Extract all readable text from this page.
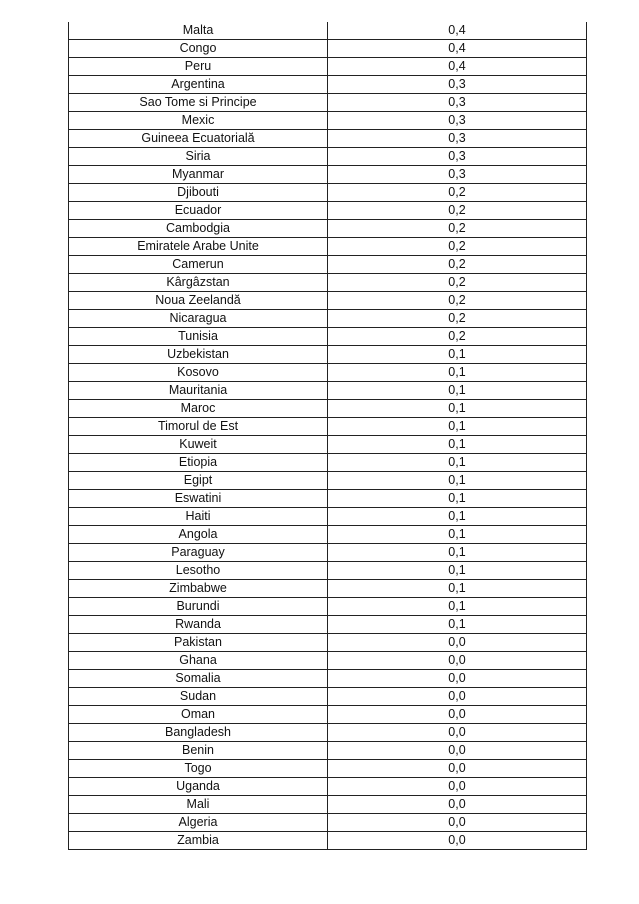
Malta	0,4
Congo	0,4
Peru	0,4
Argentina	0,3
Sao Tome si Principe	0,3
Mexic	0,3
Guineea Ecuatorială	0,3
Siria	0,3
Myanmar	0,3
Djibouti	0,2
Ecuador	0,2
Cambodgia	0,2
Emiratele Arabe Unite	0,2
Camerun	0,2
Kârgâzstan	0,2
Noua Zeelandă	0,2
Nicaragua	0,2
Tunisia	0,2
Uzbekistan	0,1
Kosovo	0,1
Mauritania	0,1
Maroc	0,1
Timorul de Est	0,1
Kuweit	0,1
Etiopia	0,1
Egipt	0,1
Eswatini	0,1
Haiti	0,1
Angola	0,1
Paraguay	0,1
Lesotho	0,1
Zimbabwe	0,1
Burundi	0,1
Rwanda	0,1
Pakistan	0,0
Ghana	0,0
Somalia	0,0
Sudan	0,0
Oman	0,0
Bangladesh	0,0
Benin	0,0
Togo	0,0
Uganda	0,0
Mali	0,0
Algeria	0,0
Zambia	0,0
